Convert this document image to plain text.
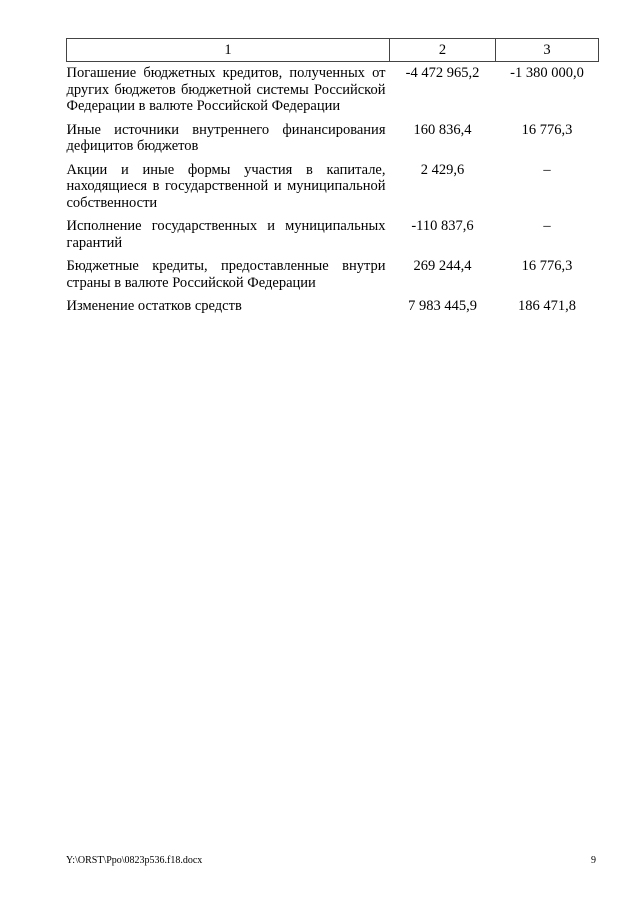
1	2	3
Погашение бюджетных кредитов, полученных от других бюджетов бюджетной системы Российской Федерации в валюте Российской Федерации	-4 472 965,2	-1 380 000,0
Иные источники внутреннего финансирования дефицитов бюджетов	160 836,4	16 776,3
Акции и иные формы участия в капитале, находящиеся в государственной и муниципальной собственности	2 429,6	–
Исполнение государственных и муниципальных гарантий	-110 837,6	–
Бюджетные кредиты, предоставленные внутри страны в валюте Российской Федерации	269 244,4	16 776,3
Изменение остатков средств	7 983 445,9	186 471,8
Y:\ORST\Ppo\0823p536.f18.docx	9
